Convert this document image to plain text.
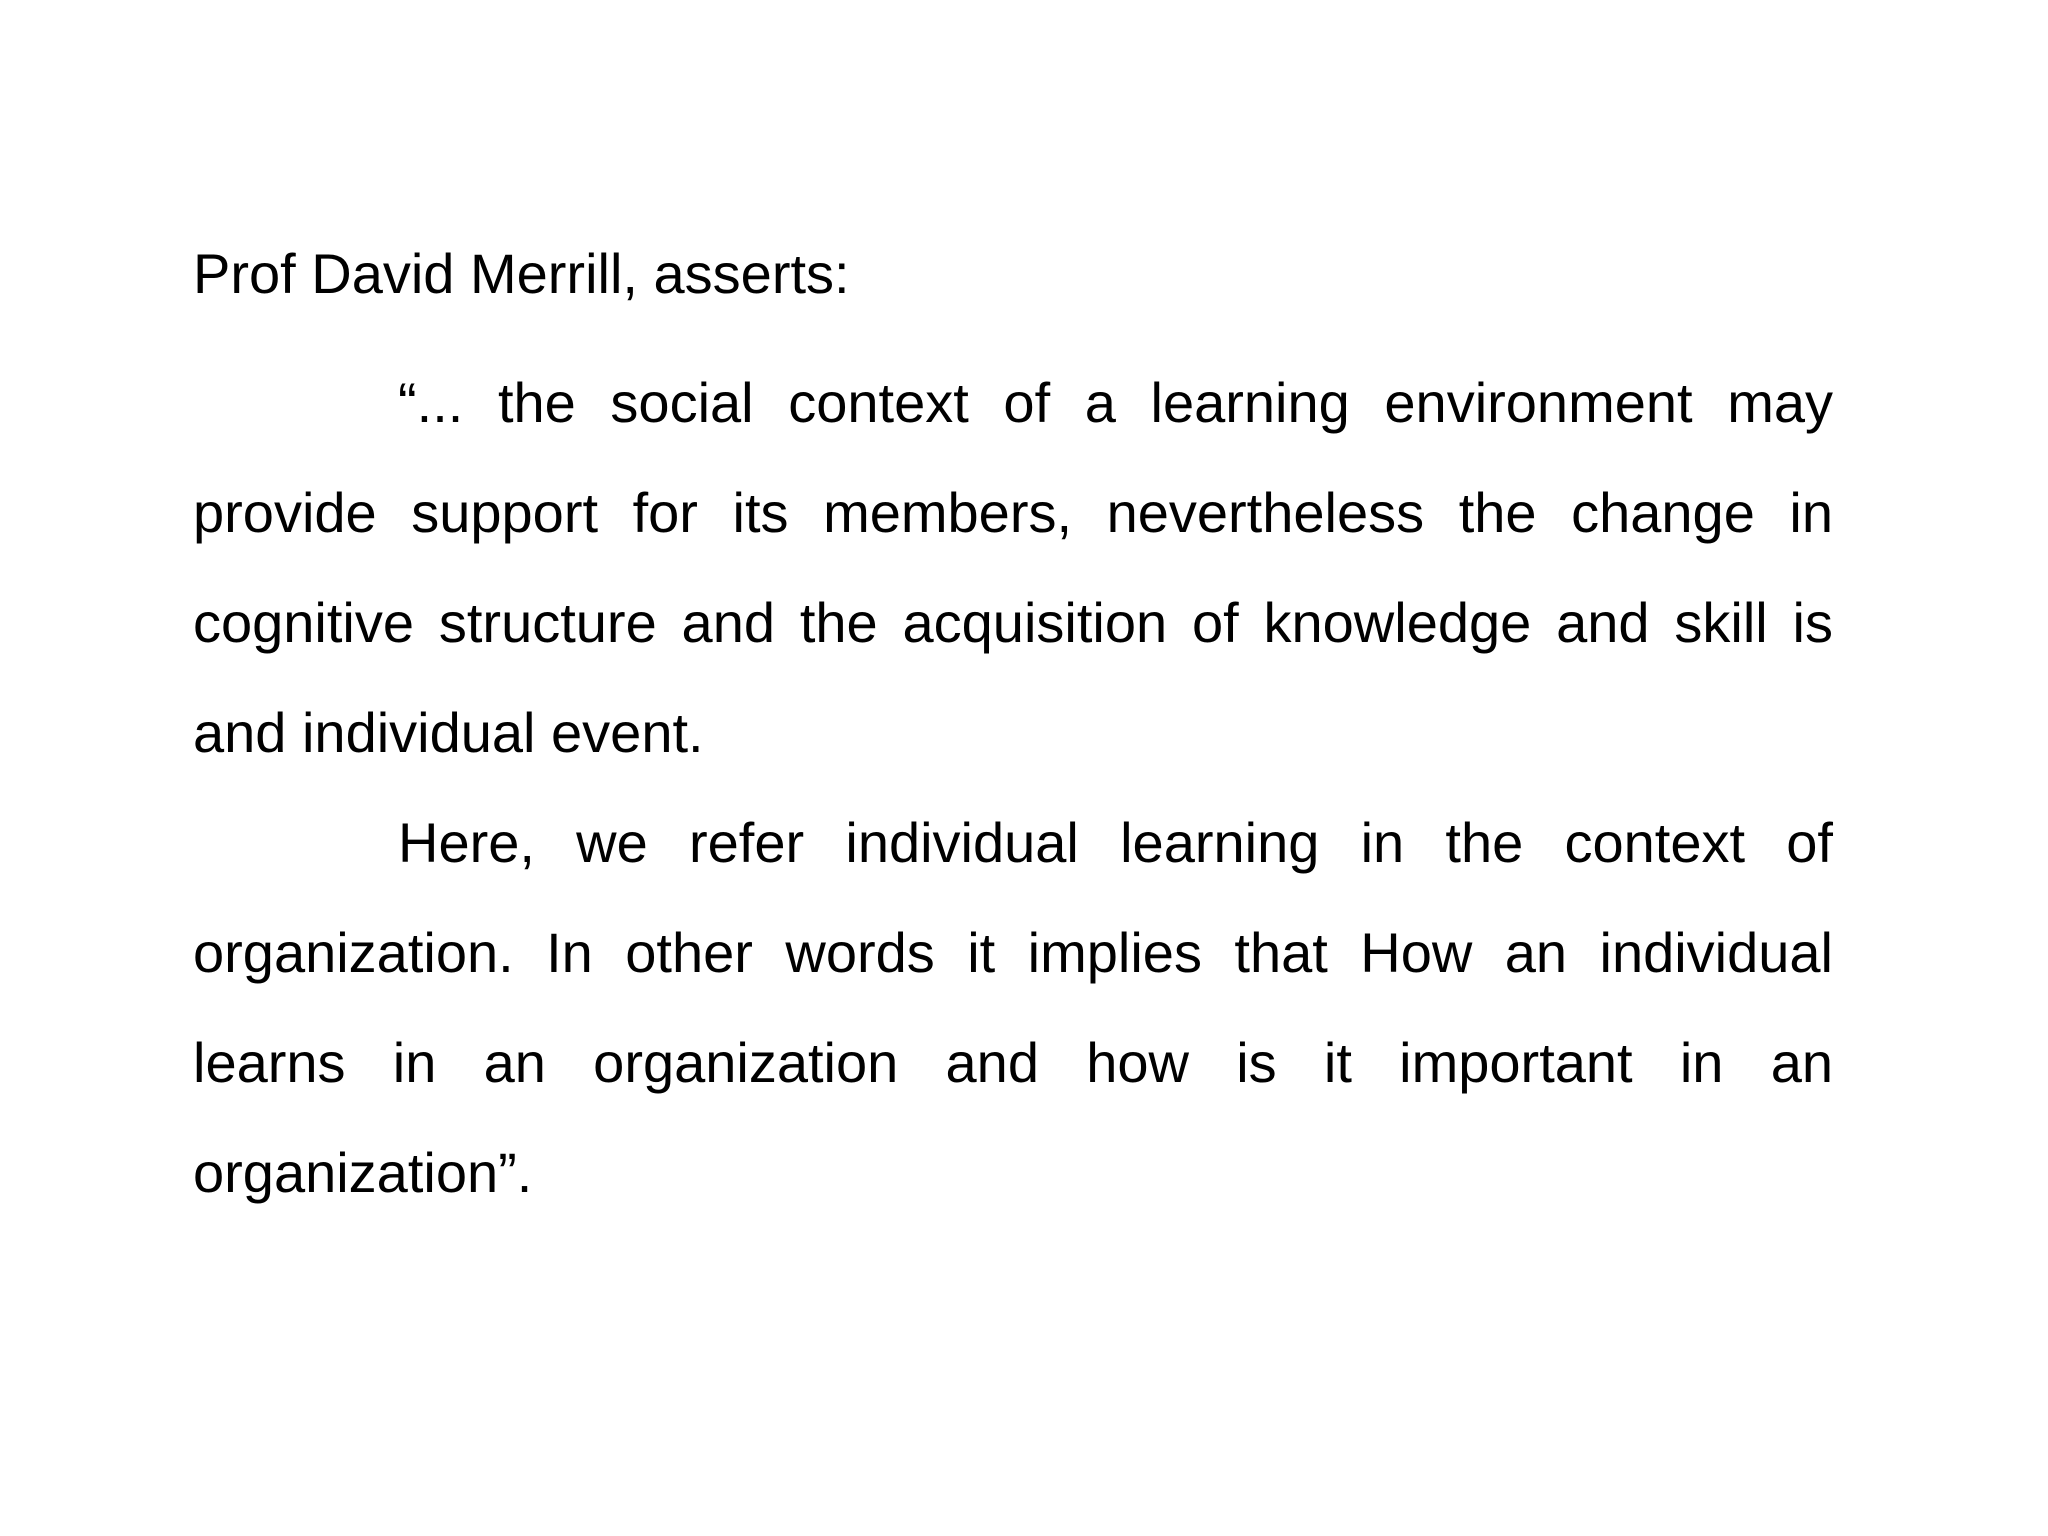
Prof David Merrill, asserts:

“... the social context of a learning environment may provide support for its members, nevertheless the change in cognitive structure and the acquisition of knowledge and skill is and individual event.

Here, we refer individual learning in the context of organization. In other words it implies that How an individual learns in an organization and how is it important in an organization”.
